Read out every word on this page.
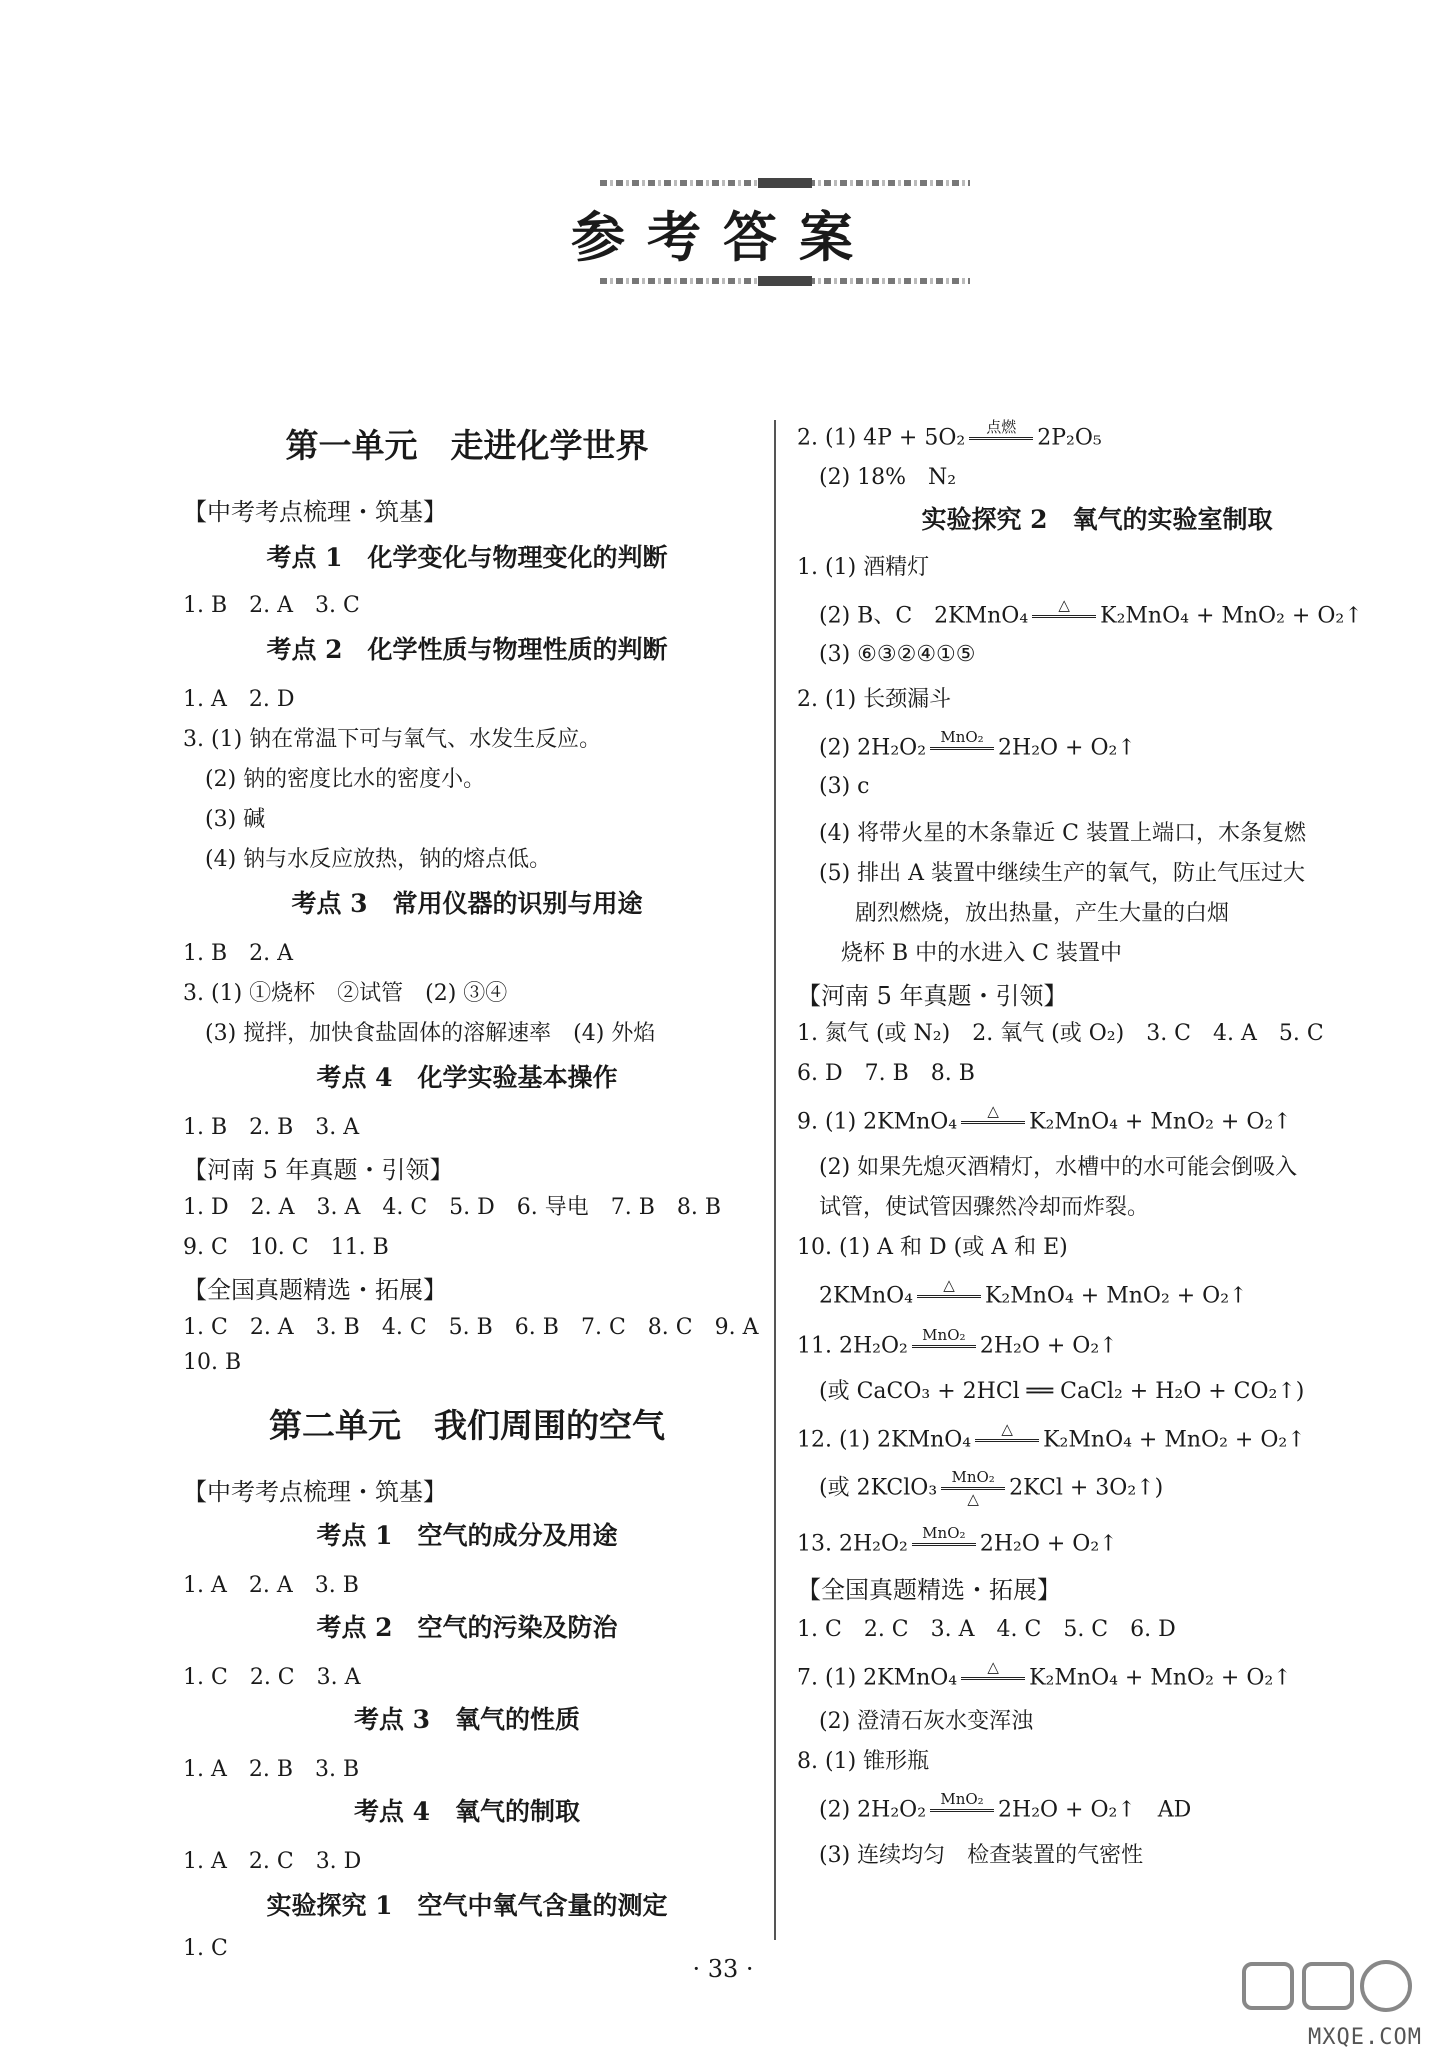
参考答案
第一单元　走进化学世界
【中考考点梳理・筑基】
考点 1　化学变化与物理变化的判断
1. B　2. A　3. C
考点 2　化学性质与物理性质的判断
1. A　2. D
3. (1) 钠在常温下可与氧气、水发生反应。
(2) 钠的密度比水的密度小。
(3) 碱
(4) 钠与水反应放热，钠的熔点低。
考点 3　常用仪器的识别与用途
1. B　2. A
3. (1) ①烧杯　②试管　(2) ③④
(3) 搅拌，加快食盐固体的溶解速率　(4) 外焰
考点 4　化学实验基本操作
1. B　2. B　3. A
【河南 5 年真题・引领】
1. D　2. A　3. A　4. C　5. D　6. 导电　7. B　8. B
9. C　10. C　11. B
【全国真题精选・拓展】
1. C　2. A　3. B　4. C　5. B　6. B　7. C　8. C　9. A
10. B
第二单元　我们周围的空气
【中考考点梳理・筑基】
考点 1　空气的成分及用途
1. A　2. A　3. B
考点 2　空气的污染及防治
1. C　2. C　3. A
考点 3　氧气的性质
1. A　2. B　3. B
考点 4　氧气的制取
1. A　2. C　3. D
实验探究 1　空气中氧气含量的测定
1. C
2. (1) 4P + 5O₂	点燃 2P₂O₅
(2) 18%　N₂
实验探究 2　氧气的实验室制取
1. (1) 酒精灯
(2) B、C　2KMnO₄	△	K₂MnO₄ + MnO₂ + O₂↑
(3) ⑥③②④①⑤
2. (1) 长颈漏斗
(2) 2H₂O₂ MnO₂ 2H₂O + O₂↑
(3) c
(4) 将带火星的木条靠近 C 装置上端口，木条复燃
(5) 排出 A 装置中继续生产的氧气，防止气压过大
剧烈燃烧，放出热量，产生大量的白烟
烧杯 B 中的水进入 C 装置中
【河南 5 年真题・引领】
1. 氮气 (或 N₂)　2. 氧气 (或 O₂)　3. C　4. A　5. C
6. D　7. B　8. B
9. (1) 2KMnO₄	△	K₂MnO₄ + MnO₂ + O₂↑
(2) 如果先熄灭酒精灯，水槽中的水可能会倒吸入
试管，使试管因骤然冷却而炸裂。
10. (1) A 和 D (或 A 和 E)
2KMnO₄	△	K₂MnO₄ + MnO₂ + O₂↑
11. 2H₂O₂ MnO₂ 2H₂O + O₂↑
(或 CaCO₃ + 2HCl ══ CaCl₂ + H₂O + CO₂↑)
12. (1) 2KMnO₄	△	K₂MnO₄ + MnO₂ + O₂↑
(或 2KClO₃ MnO₂
△	2KCl + 3O₂↑)
13. 2H₂O₂ MnO₂ 2H₂O + O₂↑
【全国真题精选・拓展】
1. C　2. C　3. A　4. C　5. C　6. D
7. (1) 2KMnO₄	△	K₂MnO₄ + MnO₂ + O₂↑
(2) 澄清石灰水变浑浊
8. (1) 锥形瓶
(2) 2H₂O₂ MnO₂ 2H₂O + O₂↑　AD
(3) 连续均匀　检查装置的气密性
· 33 ·
MXQE.COM
